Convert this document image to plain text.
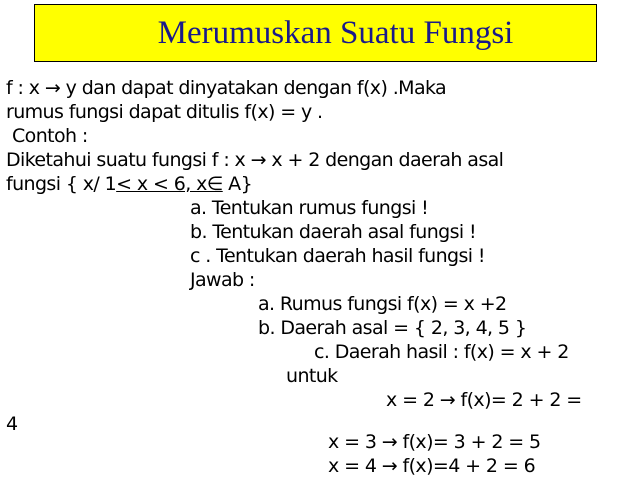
Merumuskan Suatu Fungsi
f : x → y dan dapat dinyatakan dengan f(x) .Maka
rumus fungsi dapat ditulis f(x) = y .
Contoh :
Diketahui suatu fungsi f : x → x + 2 dengan daerah asal
fungsi { x/ 1< x < 6, x∈ A}
a. Tentukan rumus fungsi !
b. Tentukan daerah asal fungsi !
c . Tentukan daerah hasil fungsi !
Jawab :
a. Rumus fungsi f(x) = x +2
b. Daerah asal = { 2, 3, 4, 5 }
c. Daerah hasil : f(x) = x + 2
untuk
x = 2 → f(x)= 2 + 2 =
4
x = 3 → f(x)= 3 + 2 = 5
x = 4 → f(x)=4 + 2 = 6
